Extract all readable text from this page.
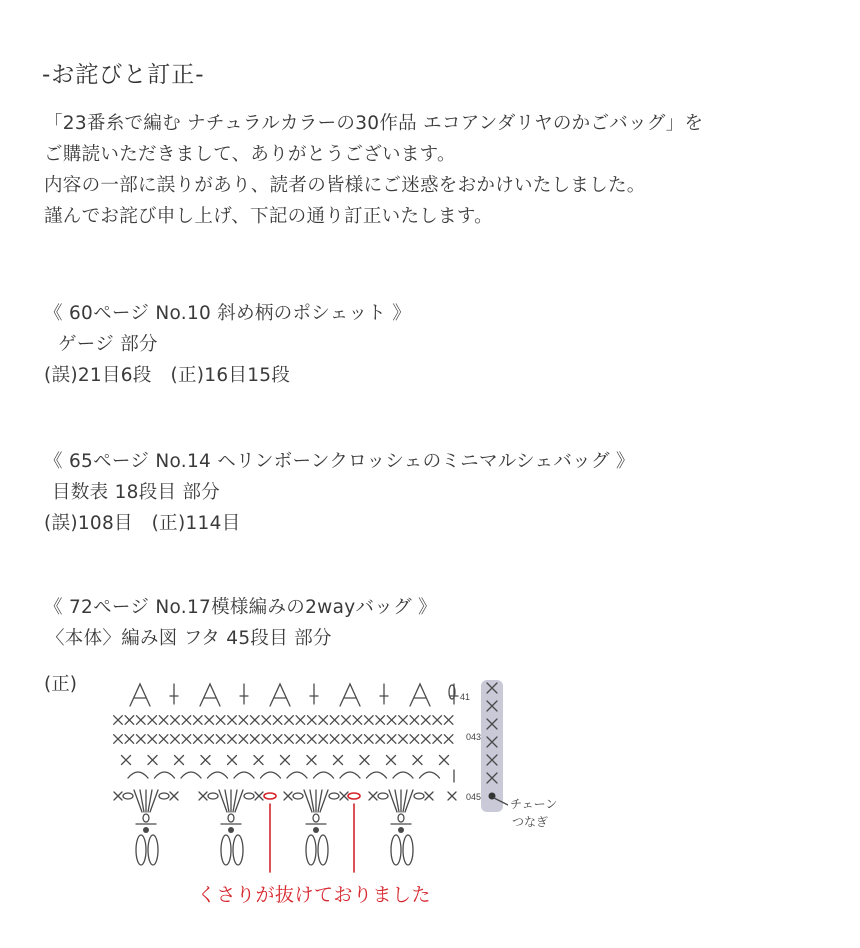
-お詫びと訂正-
「23番糸で編む ナチュラルカラーの30作品 エコアンダリヤのかごバッグ」を
ご購読いただきまして、ありがとうございます。
内容の一部に誤りがあり、読者の皆様にご迷惑をおかけいたしました。
謹んでお詫び申し上げ、下記の通り訂正いたします。
《 60ページ No.10 斜め柄のポシェット 》
ゲージ 部分
(誤)21目6段　(正)16目15段
《 65ページ No.14 ヘリンボーンクロッシェのミニマルシェバッグ 》
目数表 18段目 部分
(誤)108目　(正)114目
《 72ページ No.17模様編みの2wayバッグ 》
〈本体〉編み図 フタ 45段目 部分
(正)
41
043
045 チェーン
つなぎ
くさりが抜けておりました
